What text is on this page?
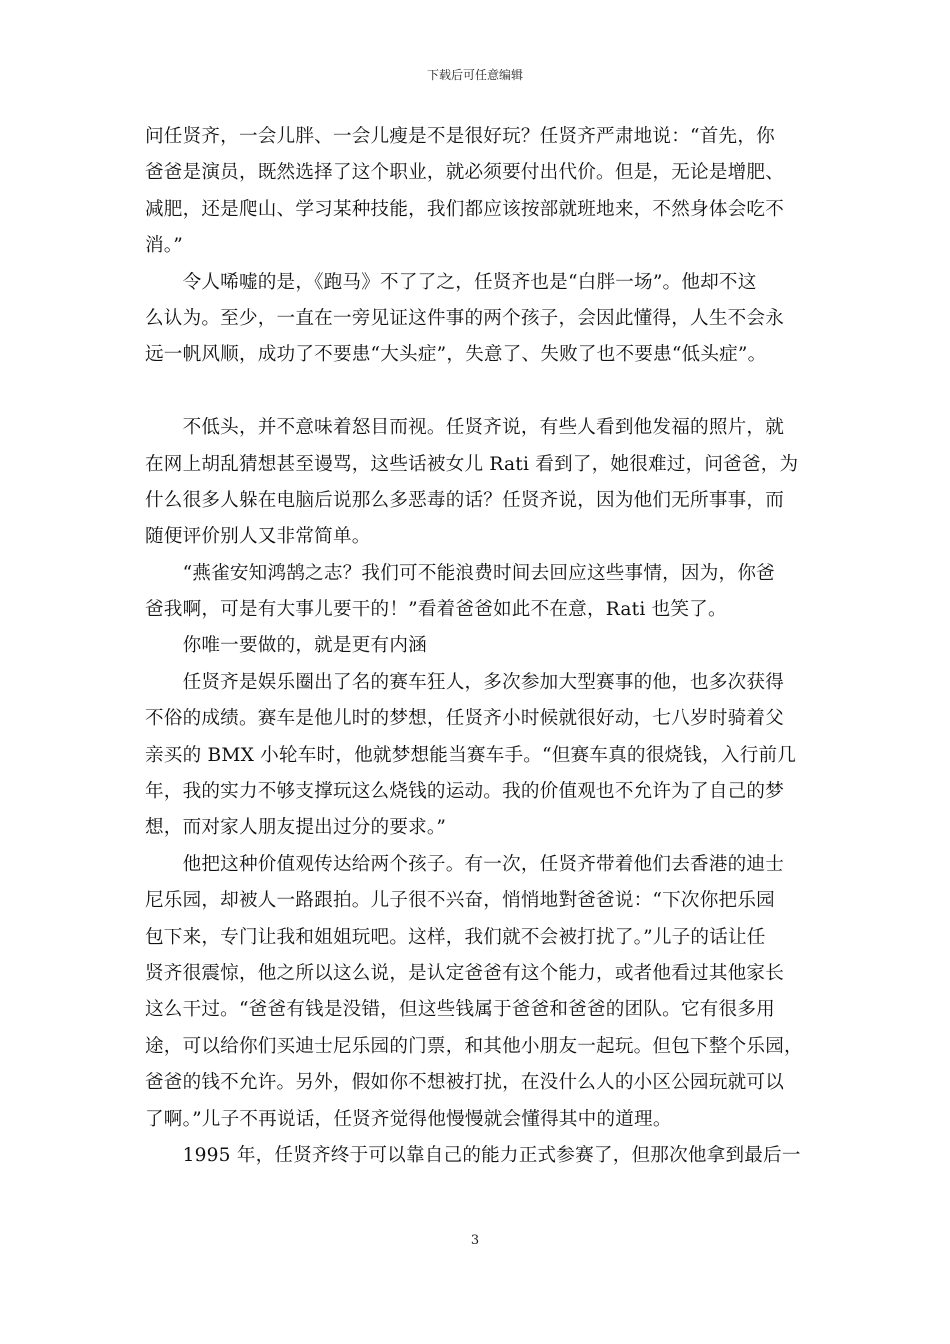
下载后可任意编辑
问任贤齐，一会儿胖、一会儿瘦是不是很好玩？任贤齐严肃地说：“首先，你
爸爸是演员，既然选择了这个职业，就必须要付出代价。但是，无论是增肥、
减肥，还是爬山、学习某种技能，我们都应该按部就班地来，不然身体会吃不
消。”
　　令人唏嘘的是，《跑马》不了了之，任贤齐也是“白胖一场”。他却不这
么认为。至少，一直在一旁见证这件事的两个孩子，会因此懂得，人生不会永
远一帆风顺，成功了不要患“大头症”，失意了、失败了也不要患“低头症”。
　　不低头，并不意味着怒目而视。任贤齐说，有些人看到他发福的照片，就
在网上胡乱猜想甚至谩骂，这些话被女儿 Rati 看到了，她很难过，问爸爸，为
什么很多人躲在电脑后说那么多恶毒的话？任贤齐说，因为他们无所事事，而
随便评价别人又非常简单。
　　“燕雀安知鸿鹄之志？我们可不能浪费时间去回应这些事情，因为，你爸
爸我啊，可是有大事儿要干的！”看着爸爸如此不在意，Rati 也笑了。
　　你唯一要做的，就是更有内涵
　　任贤齐是娱乐圈出了名的赛车狂人，多次参加大型赛事的他，也多次获得
不俗的成绩。赛车是他儿时的梦想，任贤齐小时候就很好动，七八岁时骑着父
亲买的 BMX 小轮车时，他就梦想能当赛车手。“但赛车真的很烧钱，入行前几
年，我的实力不够支撑玩这么烧钱的运动。我的价值观也不允许为了自己的梦
想，而对家人朋友提出过分的要求。”
　　他把这种价值观传达给两个孩子。有一次，任贤齐带着他们去香港的迪士
尼乐园，却被人一路跟拍。儿子很不兴奋，悄悄地對爸爸说：“下次你把乐园
包下来，专门让我和姐姐玩吧。这样，我们就不会被打扰了。”儿子的话让任
贤齐很震惊，他之所以这么说，是认定爸爸有这个能力，或者他看过其他家长
这么干过。“爸爸有钱是没错，但这些钱属于爸爸和爸爸的团队。它有很多用
途，可以给你们买迪士尼乐园的门票，和其他小朋友一起玩。但包下整个乐园，
爸爸的钱不允许。另外，假如你不想被打扰，在没什么人的小区公园玩就可以
了啊。”儿子不再说话，任贤齐觉得他慢慢就会懂得其中的道理。
　　1995 年，任贤齐终于可以靠自己的能力正式参赛了，但那次他拿到最后一
3
